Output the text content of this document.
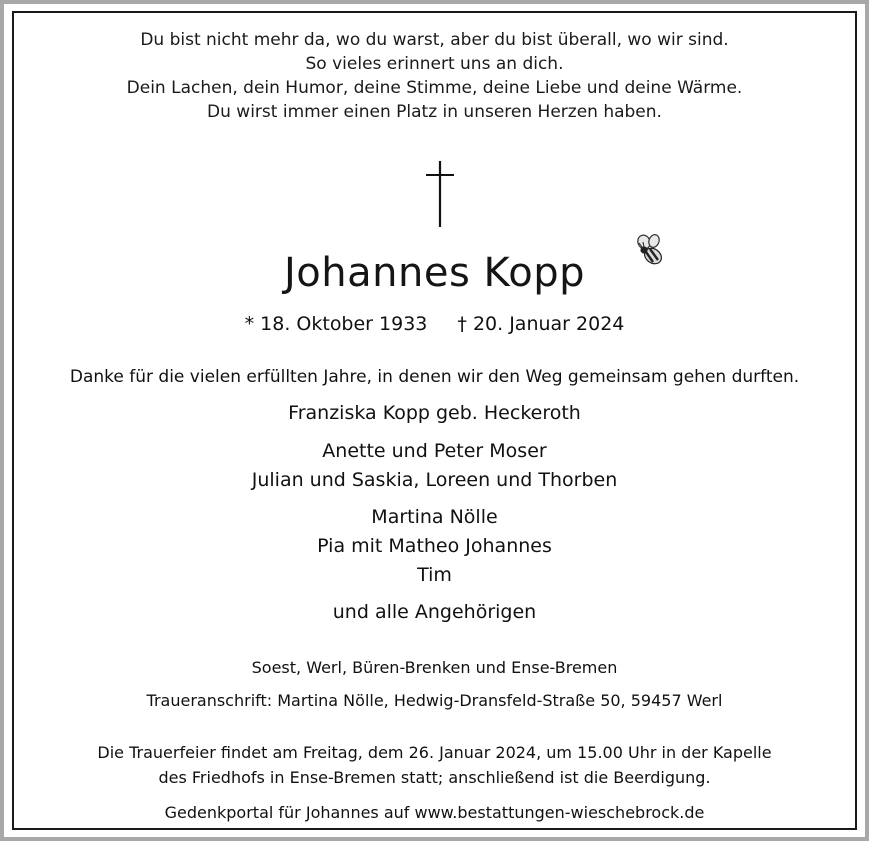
Du bist nicht mehr da, wo du warst, aber du bist überall, wo wir sind.
So vieles erinnert uns an dich.
Dein Lachen, dein Humor, deine Stimme, deine Liebe und deine Wärme.
Du wirst immer einen Platz in unseren Herzen haben.
Johannes Kopp
* 18. Oktober 1933 † 20. Januar 2024
Danke für die vielen erfüllten Jahre, in denen wir den Weg gemeinsam gehen durften.
Franziska Kopp geb. Heckeroth
Anette und Peter Moser
Julian und Saskia, Loreen und Thorben
Martina Nölle
Pia mit Matheo Johannes
Tim
und alle Angehörigen
Soest, Werl, Büren-Brenken und Ense-Bremen
Traueranschrift: Martina Nölle, Hedwig-Dransfeld-Straße 50, 59457 Werl
Die Trauerfeier findet am Freitag, dem 26. Januar 2024, um 15.00 Uhr in der Kapelle
des Friedhofs in Ense-Bremen statt; anschließend ist die Beerdigung.
Gedenkportal für Johannes auf www.bestattungen-wieschebrock.de
